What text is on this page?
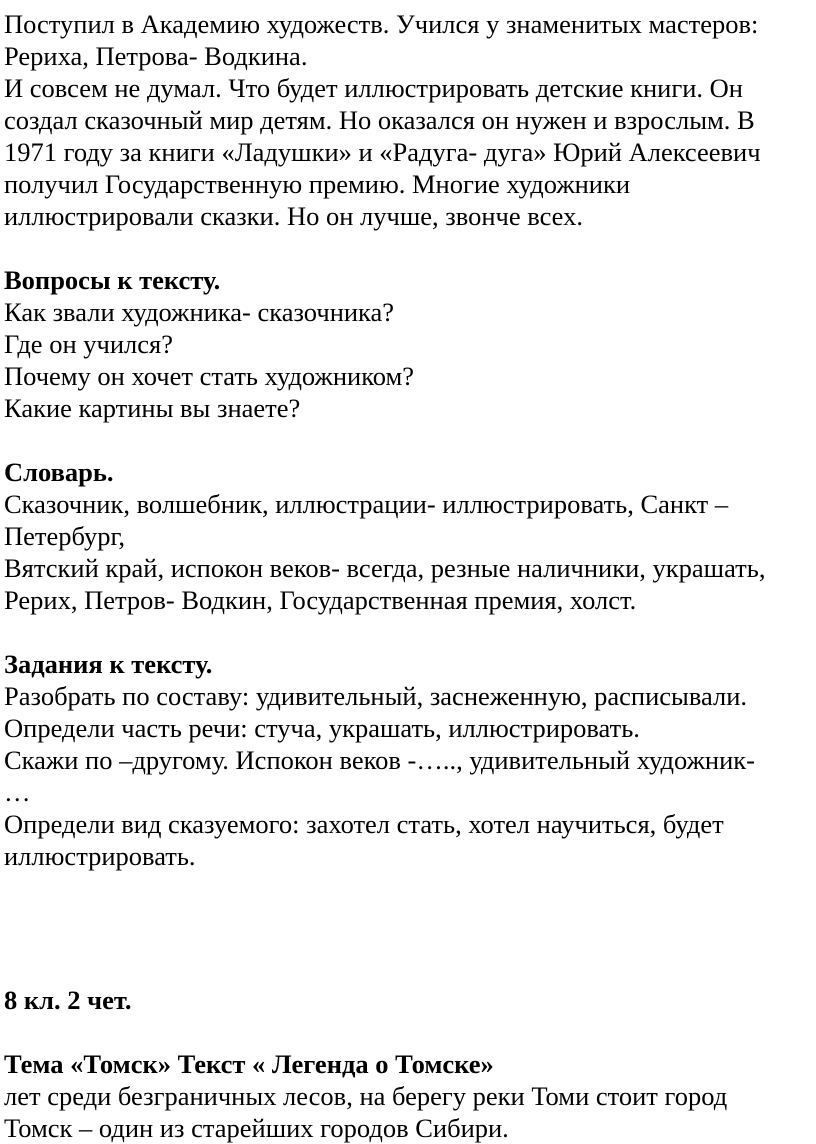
Поступил в Академию художеств. Учился у знаменитых мастеров:
Рериха, Петрова- Водкина.
И совсем не думал. Что будет иллюстрировать детские книги. Он
создал сказочный мир детям. Но оказался он нужен и взрослым. В
1971 году за книги «Ладушки» и «Радуга- дуга» Юрий Алексеевич
получил Государственную премию. Многие художники
иллюстрировали сказки. Но он лучше, звонче всех.
Вопросы к тексту.
Как звали художника- сказочника?
Где он учился?
Почему он хочет стать художником?
Какие картины вы знаете?
Словарь.
Сказочник, волшебник, иллюстрации- иллюстрировать, Санкт –
Петербург,
Вятский край, испокон веков- всегда, резные наличники, украшать,
Рерих, Петров- Водкин, Государственная премия, холст.
Задания к тексту.
Разобрать по составу: удивительный, заснеженную, расписывали.
Определи часть речи: стуча, украшать, иллюстрировать.
Скажи по –другому. Испокон веков -….., удивительный художник-
…
Определи вид сказуемого: захотел стать, хотел научиться, будет
иллюстрировать.
8 кл. 2 чет.
Тема «Томск» Текст « Легенда о Томске»
лет среди безграничных лесов, на берегу реки Томи стоит город
Томск – один из старейших городов Сибири.
